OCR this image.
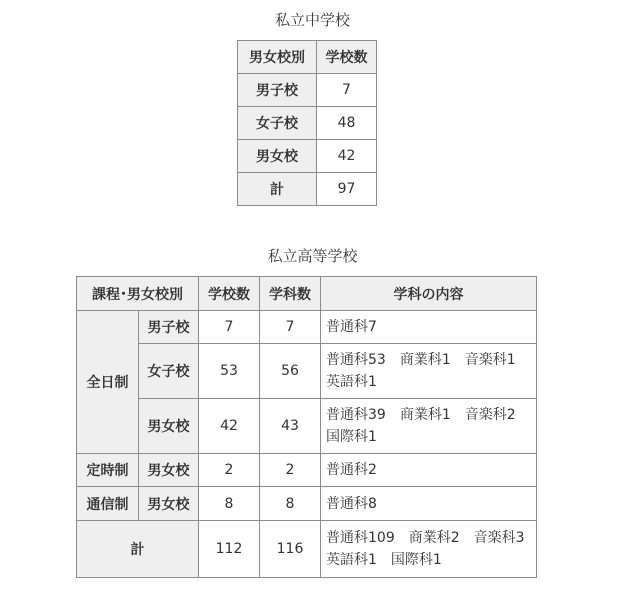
私立中学校
男女校別	学校数
男子校	7
女子校	48
男女校	42
計	97
私立高等学校
課程･男女校別		学校数	学科数	学科の内容
全日制	男子校	7	7	普通科7

	女子校	53	56	普通科53　商業科1　音楽科1
英語科1

	男女校	42	43	普通科39　商業科1　音楽科2
国際科1

定時制	男女校	2	2	普通科2

通信制	男女校	8	8	普通科8

計		112	116	普通科109　商業科2　音楽科3
英語科1　国際科1
